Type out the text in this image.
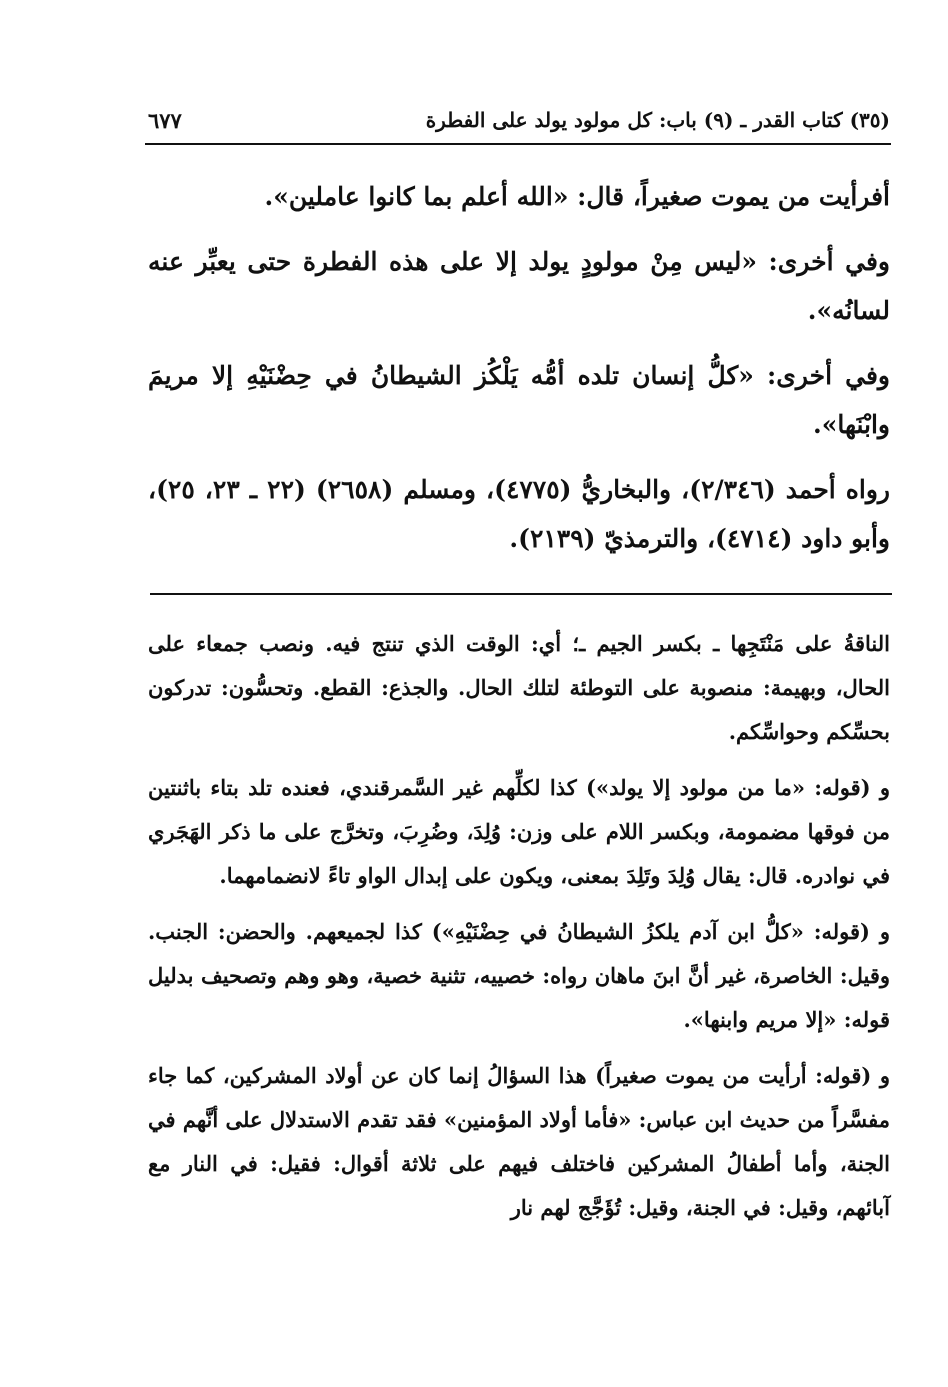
(٣٥) كتاب القدر ـ (٩) باب: كل مولود يولد على الفطرة
٦٧٧

أفرأيت من يموت صغيراً، قال: «الله أعلم بما كانوا عاملين».

وفي أخرى: «ليس مِنْ مولودٍ يولد إلا على هذه الفطرة حتى يعبِّر عنه لسانُه».

وفي أخرى: «كلُّ إنسان تلده أمُّه يَلْكُز الشيطانُ في حِضْنَيْهِ إلا مريمَ وابْنَها».

رواه أحمد (٢/٣٤٦)، والبخاريُّ (٤٧٧٥)، ومسلم (٢٦٥٨) (٢٢ ـ ٢٣، ٢٥)، وأبو داود (٤٧١٤)، والترمذيّ (٢١٣٩).

الناقةُ على مَنْتَجِها ـ بكسر الجيم ـ؛ أي: الوقت الذي تنتج فيه. ونصب جمعاء على الحال، وبهيمة: منصوبة على التوطئة لتلك الحال. والجذع: القطع. وتحسُّون: تدركون بحسِّكم وحواسِّكم.

و (قوله: «ما من مولود إلا يولد») كذا لكلِّهم غير السَّمرقندي، فعنده تلد بتاء باثنتين من فوقها مضمومة، وبكسر اللام على وزن: وُلِدَ، وضُرِبَ، وتخرَّج على ما ذكر الهَجَري في نوادره. قال: يقال وُلِدَ وتَلِدَ بمعنى، ويكون على إبدال الواو تاءً لانضمامهما.

و (قوله: «كلُّ ابن آدم يلكزُ الشيطانُ في حِضْنَيْهِ») كذا لجميعهم. والحضن: الجنب. وقيل: الخاصرة، غير أنَّ ابنَ ماهان رواه: خصييه، تثنية خصية، وهو وهم وتصحيف بدليل قوله: «إلا مريم وابنها».

و (قوله: أرأيت من يموت صغيراً) هذا السؤالُ إنما كان عن أولاد المشركين، كما جاء مفسَّراً من حديث ابن عباس: «فأما أولاد المؤمنين» فقد تقدم الاستدلال على أنَّهم في الجنة، وأما أطفالُ المشركين فاختلف فيهم على ثلاثة أقوال: فقيل: في النار مع آبائهم، وقيل: في الجنة، وقيل: تُؤَجَّج لهم نار
